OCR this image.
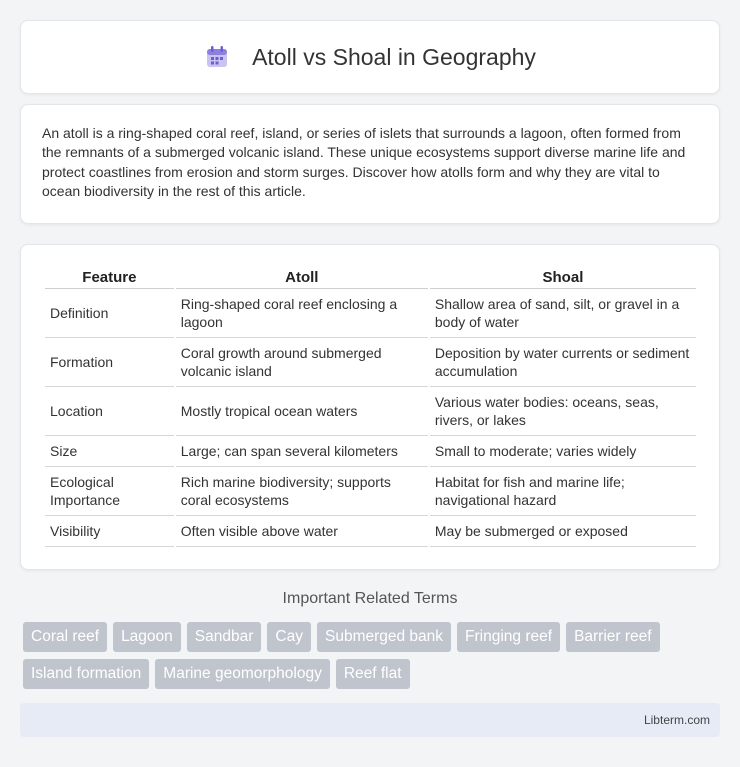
Atoll vs Shoal in Geography

An atoll is a ring-shaped coral reef, island, or series of islets that surrounds a lagoon, often formed from the remnants of a submerged volcanic island. These unique ecosystems support diverse marine life and protect coastlines from erosion and storm surges. Discover how atolls form and why they are vital to ocean biodiversity in the rest of this article.

Feature	Atoll	Shoal
Definition	Ring-shaped coral reef enclosing a lagoon	Shallow area of sand, silt, or gravel in a body of water
Formation	Coral growth around submerged volcanic island	Deposition by water currents or sediment accumulation
Location	Mostly tropical ocean waters	Various water bodies: oceans, seas, rivers, or lakes
Size	Large; can span several kilometers	Small to moderate; varies widely
Ecological Importance	Rich marine biodiversity; supports coral ecosystems	Habitat for fish and marine life; navigational hazard
Visibility	Often visible above water	May be submerged or exposed
Important Related Terms
Coral reef	Lagoon	Sandbar	Cay	Submerged bank	Fringing reef	Barrier reef
Island formation	Marine geomorphology	Reef flat
Libterm.com
